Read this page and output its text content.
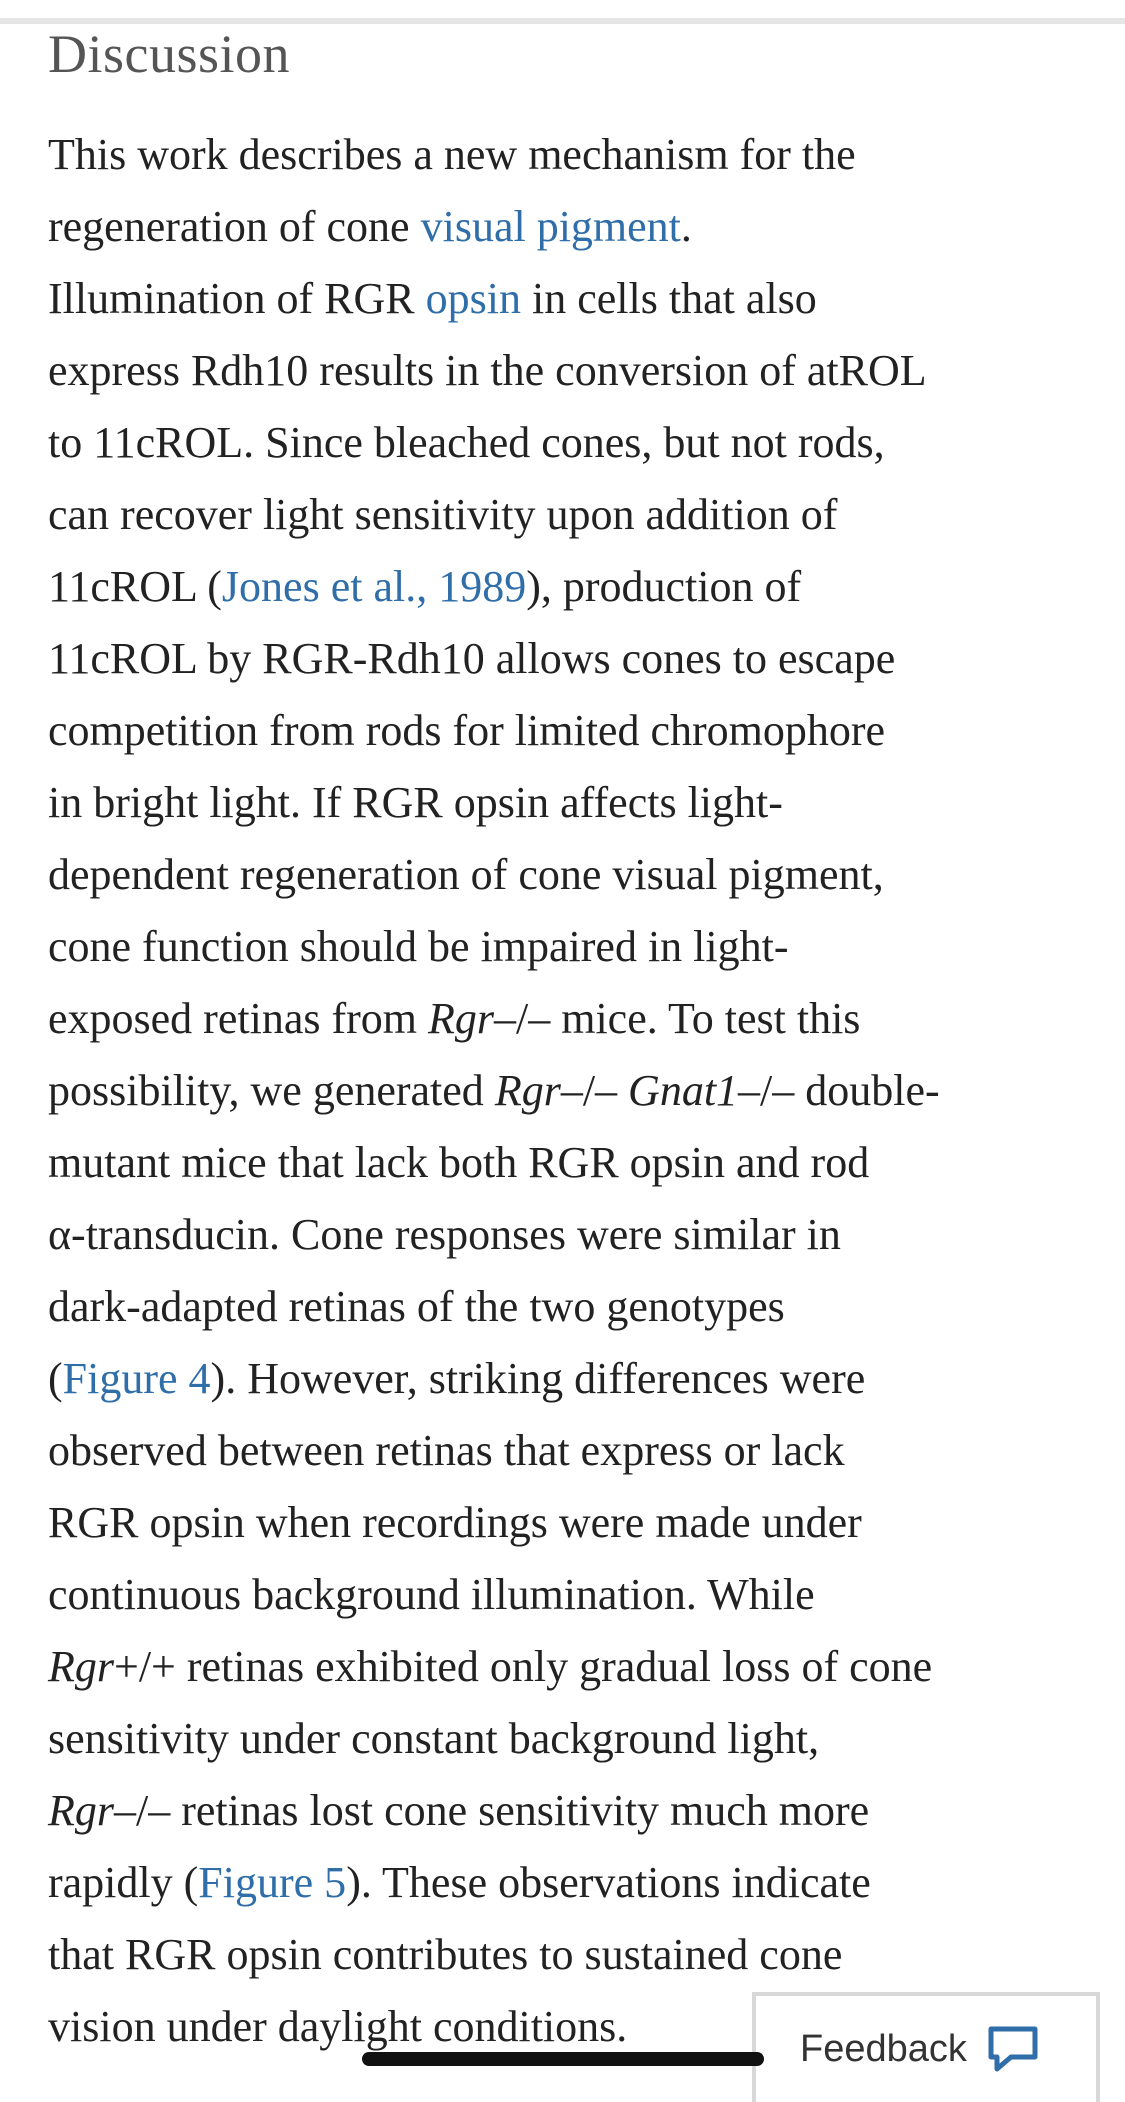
Discussion
This work describes a new mechanism for the
regeneration of cone visual pigment.
Illumination of RGR opsin in cells that also
express Rdh10 results in the conversion of atROL
to 11cROL. Since bleached cones, but not rods,
can recover light sensitivity upon addition of
11cROL (Jones et al., 1989), production of
11cROL by RGR-Rdh10 allows cones to escape
competition from rods for limited chromophore
in bright light. If RGR opsin affects light-
dependent regeneration of cone visual pigment,
cone function should be impaired in light-
exposed retinas from Rgr–/– mice. To test this
possibility, we generated Rgr–/– Gnat1–/– double-
mutant mice that lack both RGR opsin and rod
α-transducin. Cone responses were similar in
dark-adapted retinas of the two genotypes
(Figure 4). However, striking differences were
observed between retinas that express or lack
RGR opsin when recordings were made under
continuous background illumination. While
Rgr+/+ retinas exhibited only gradual loss of cone
sensitivity under constant background light,
Rgr–/– retinas lost cone sensitivity much more
rapidly (Figure 5). These observations indicate
that RGR opsin contributes to sustained cone
vision under daylight conditions.	Feedback
